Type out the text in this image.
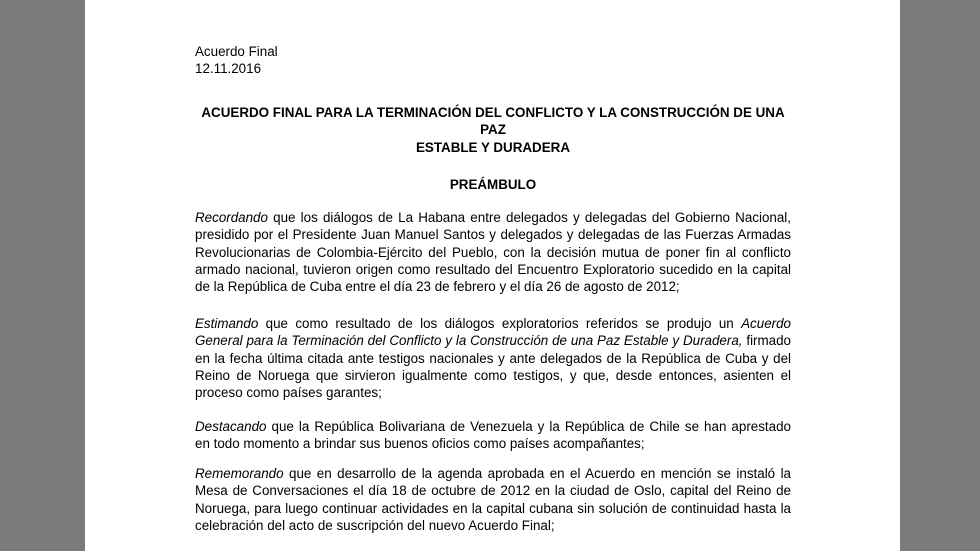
Acuerdo Final
12.11.2016
ACUERDO FINAL PARA LA TERMINACIÓN DEL CONFLICTO Y LA CONSTRUCCIÓN DE UNA PAZ
ESTABLE Y DURADERA
PREÁMBULO

Recordando que los diálogos de La Habana entre delegados y delegadas del Gobierno Nacional, presidido por el Presidente Juan Manuel Santos y delegados y delegadas de las Fuerzas Armadas Revolucionarias de Colombia-Ejército del Pueblo, con la decisión mutua de poner fin al conflicto armado nacional, tuvieron origen como resultado del Encuentro Exploratorio sucedido en la capital de la República de Cuba entre el día 23 de febrero y el día 26 de agosto de 2012;

Estimando que como resultado de los diálogos exploratorios referidos se produjo un Acuerdo General para la Terminación del Conflicto y la Construcción de una Paz Estable y Duradera, firmado en la fecha última citada ante testigos nacionales y ante delegados de la República de Cuba y del Reino de Noruega que sirvieron igualmente como testigos, y que, desde entonces, asienten el proceso como países garantes;

Destacando que la República Bolivariana de Venezuela y la República de Chile se han aprestado en todo momento a brindar sus buenos oficios como países acompañantes;

Rememorando que en desarrollo de la agenda aprobada en el Acuerdo en mención se instaló la Mesa de Conversaciones el día 18 de octubre de 2012 en la ciudad de Oslo, capital del Reino de Noruega, para luego continuar actividades en la capital cubana sin solución de continuidad hasta la celebración del acto de suscripción del nuevo Acuerdo Final;
